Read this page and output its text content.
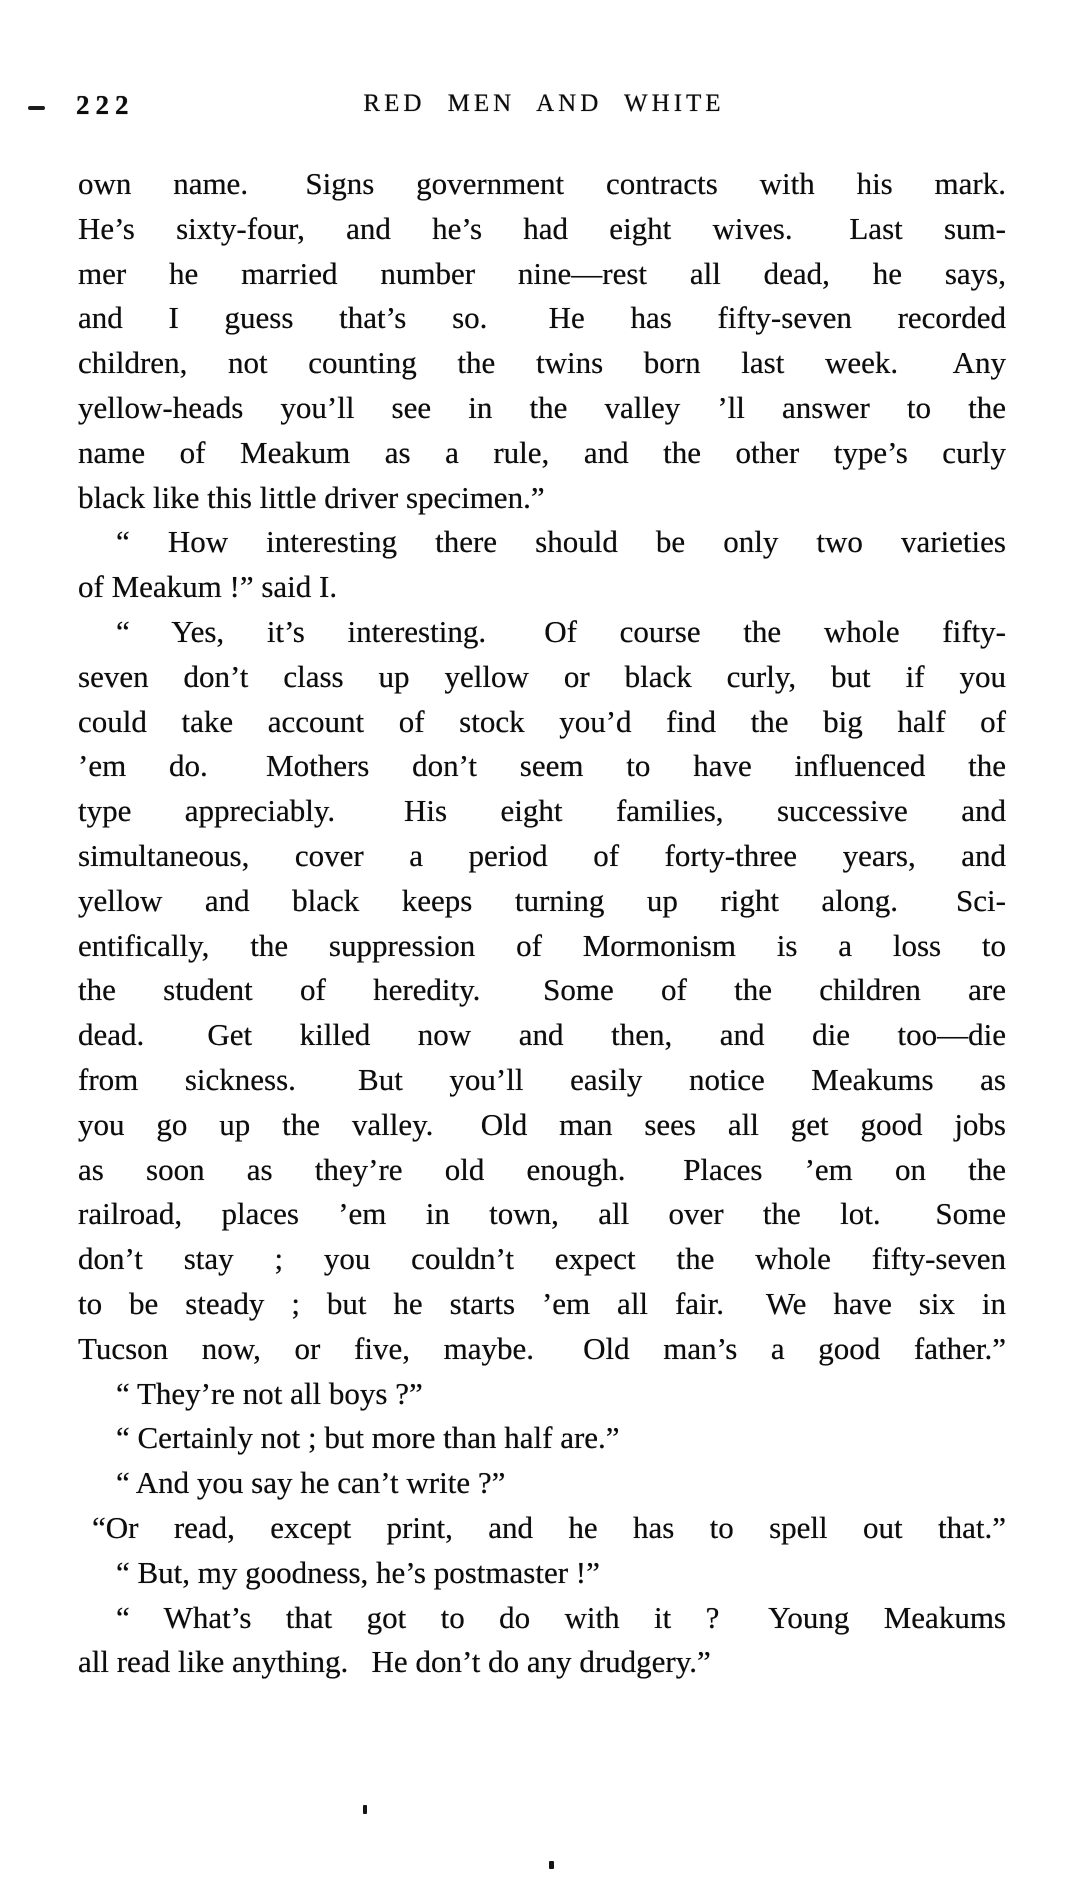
222	RED MEN AND WHITE
own name.  Signs government contracts with his mark.
He’s sixty-four, and he’s had eight wives.  Last sum-
mer he married number nine—rest all dead, he says,
and I guess that’s so.  He has fifty-seven recorded
children, not counting the twins born last week.  Any
yellow-heads you’ll see in the valley ’ll answer to the
name of Meakum as a rule, and the other type’s curly
black like this little driver specimen.”
“ How interesting there should be only two varieties
of Meakum !” said I.
“ Yes, it’s interesting.  Of course the whole fifty-
seven don’t class up yellow or black curly, but if you
could take account of stock you’d find the big half of
’em do.  Mothers don’t seem to have influenced the
type appreciably.  His eight families, successive and
simultaneous, cover a period of forty-three years, and
yellow and black keeps turning up right along.  Sci-
entifically, the suppression of Mormonism is a loss to
the student of heredity.  Some of the children are
dead.  Get killed now and then, and die too—die
from sickness.  But you’ll easily notice Meakums as
you go up the valley.  Old man sees all get good jobs
as soon as they’re old enough.  Places ’em on the
railroad, places ’em in town, all over the lot.  Some
don’t stay ; you couldn’t expect the whole fifty-seven
to be steady ; but he starts ’em all fair.  We have six in
Tucson now, or five, maybe.  Old man’s a good father.”
“ They’re not all boys ?”
“ Certainly not ; but more than half are.”
“ And you say he can’t write ?”
“Or read, except print, and he has to spell out that.”
“ But, my goodness, he’s postmaster !”
“ What’s that got to do with it ?  Young Meakums
all read like anything.  He don’t do any drudgery.”
